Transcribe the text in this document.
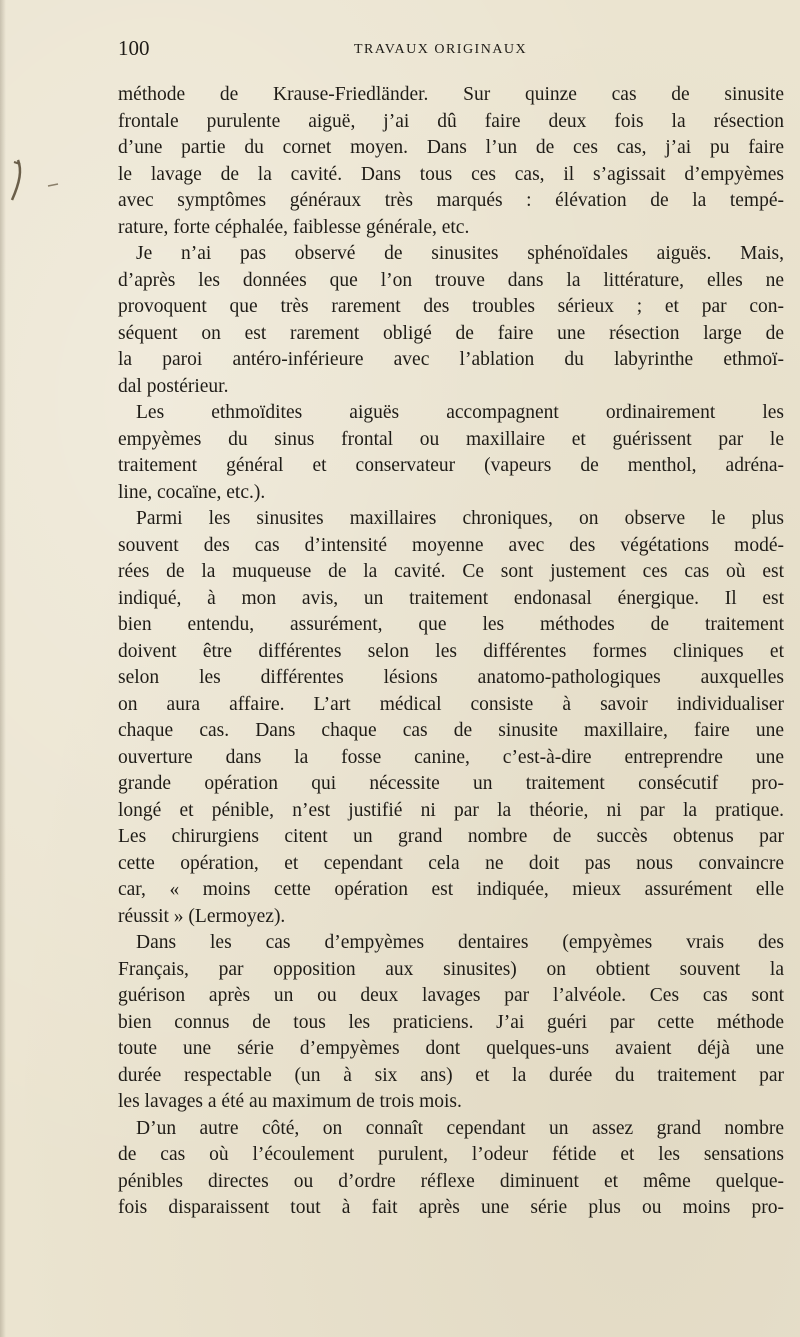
100	TRAVAUX ORIGINAUX
méthode de Krause-Friedländer. Sur quinze cas de sinusite
frontale purulente aiguë, j’ai dû faire deux fois la résection
d’une partie du cornet moyen. Dans l’un de ces cas, j’ai pu faire
le lavage de la cavité. Dans tous ces cas, il s’agissait d’empyèmes
avec symptômes généraux très marqués : élévation de la tempé-
rature, forte céphalée, faiblesse générale, etc.
Je n’ai pas observé de sinusites sphénoïdales aiguës. Mais,
d’après les données que l’on trouve dans la littérature, elles ne
provoquent que très rarement des troubles sérieux ; et par con-
séquent on est rarement obligé de faire une résection large de
la paroi antéro-inférieure avec l’ablation du labyrinthe ethmoï-
dal postérieur.
Les ethmoïdites aiguës accompagnent ordinairement les
empyèmes du sinus frontal ou maxillaire et guérissent par le
traitement général et conservateur (vapeurs de menthol, adréna-
line, cocaïne, etc.).
Parmi les sinusites maxillaires chroniques, on observe le plus
souvent des cas d’intensité moyenne avec des végétations modé-
rées de la muqueuse de la cavité. Ce sont justement ces cas où est
indiqué, à mon avis, un traitement endonasal énergique. Il est
bien entendu, assurément, que les méthodes de traitement
doivent être différentes selon les différentes formes cliniques et
selon les différentes lésions anatomo-pathologiques auxquelles
on aura affaire. L’art médical consiste à savoir individualiser
chaque cas. Dans chaque cas de sinusite maxillaire, faire une
ouverture dans la fosse canine, c’est-à-dire entreprendre une
grande opération qui nécessite un traitement consécutif pro-
longé et pénible, n’est justifié ni par la théorie, ni par la pratique.
Les chirurgiens citent un grand nombre de succès obtenus par
cette opération, et cependant cela ne doit pas nous convaincre
car, « moins cette opération est indiquée, mieux assurément elle
réussit » (Lermoyez).
Dans les cas d’empyèmes dentaires (empyèmes vrais des
Français, par opposition aux sinusites) on obtient souvent la
guérison après un ou deux lavages par l’alvéole. Ces cas sont
bien connus de tous les praticiens. J’ai guéri par cette méthode
toute une série d’empyèmes dont quelques-uns avaient déjà une
durée respectable (un à six ans) et la durée du traitement par
les lavages a été au maximum de trois mois.
D’un autre côté, on connaît cependant un assez grand nombre
de cas où l’écoulement purulent, l’odeur fétide et les sensations
pénibles directes ou d’ordre réflexe diminuent et même quelque-
fois disparaissent tout à fait après une série plus ou moins pro-
